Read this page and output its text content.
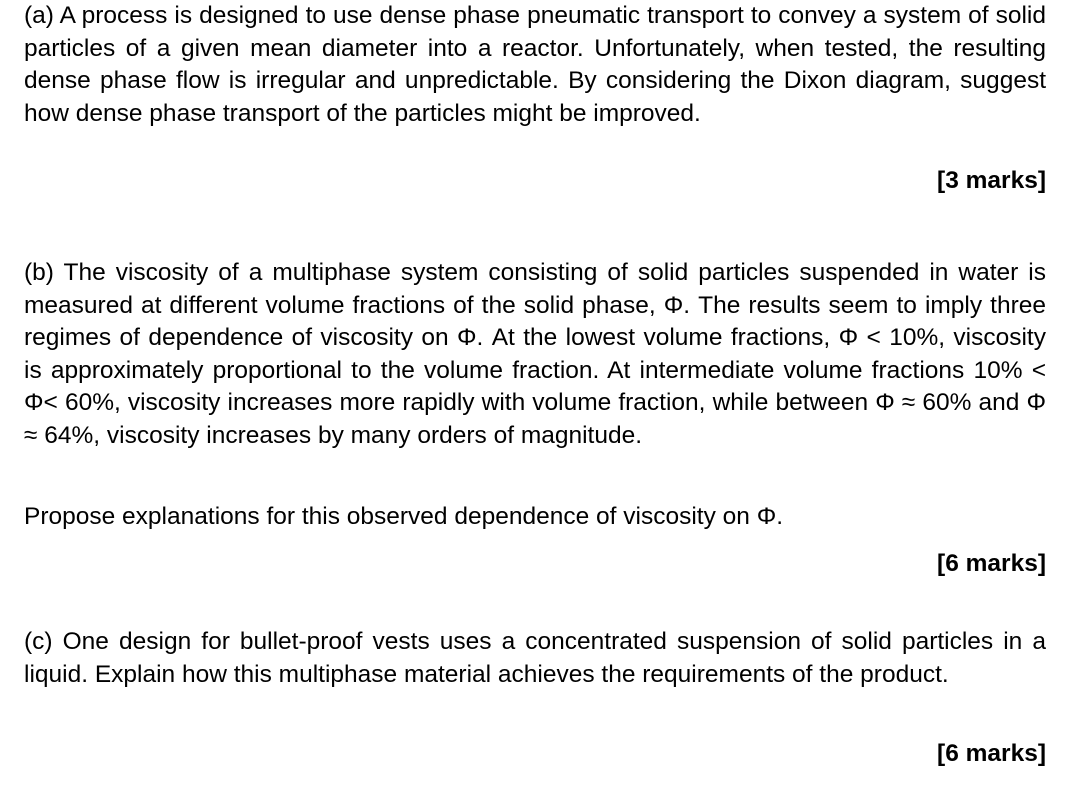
(a) A process is designed to use dense phase pneumatic transport to convey a system of solid particles of a given mean diameter into a reactor. Unfortunately, when tested, the resulting dense phase flow is irregular and unpredictable. By considering the Dixon diagram, suggest how dense phase transport of the particles might be improved.

[3 marks]

(b) The viscosity of a multiphase system consisting of solid particles suspended in water is measured at different volume fractions of the solid phase, Φ. The results seem to imply three regimes of dependence of viscosity on Φ. At the lowest volume fractions, Φ < 10%, viscosity is approximately proportional to the volume fraction. At intermediate volume fractions 10% < Φ< 60%, viscosity increases more rapidly with volume fraction, while between Φ ≈ 60% and Φ ≈ 64%, viscosity increases by many orders of magnitude.

Propose explanations for this observed dependence of viscosity on Φ.

[6 marks]

(c) One design for bullet-proof vests uses a concentrated suspension of solid particles in a liquid. Explain how this multiphase material achieves the requirements of the product.

[6 marks]
